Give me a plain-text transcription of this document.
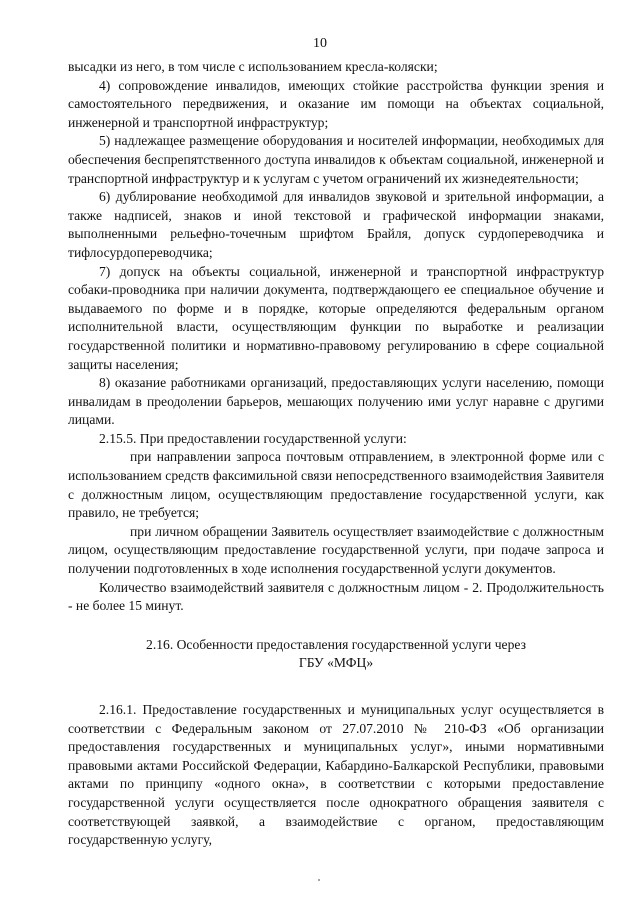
10

высадки из него, в том числе с использованием кресла-коляски;

4) сопровождение инвалидов, имеющих стойкие расстройства функции зрения и самостоятельного передвижения, и оказание им помощи на объектах социальной, инженерной и транспортной инфраструктур;

5) надлежащее размещение оборудования и носителей информации, необходимых для обеспечения беспрепятственного доступа инвалидов к объектам социальной, инженерной и транспортной инфраструктур и к услугам с учетом ограничений их жизнедеятельности;

6) дублирование необходимой для инвалидов звуковой и зрительной информации, а также надписей, знаков и иной текстовой и графической информации знаками, выполненными рельефно-точечным шрифтом Брайля, допуск сурдопереводчика и тифлосурдопереводчика;

7) допуск на объекты социальной, инженерной и транспортной инфраструктур собаки-проводника при наличии документа, подтверждающего ее специальное обучение и выдаваемого по форме и в порядке, которые определяются федеральным органом исполнительной власти, осуществляющим функции по выработке и реализации государственной политики и нормативно-правовому регулированию в сфере социальной защиты населения;

8) оказание работниками организаций, предоставляющих услуги населению, помощи инвалидам в преодолении барьеров, мешающих получению ими услуг наравне с другими лицами.

2.15.5. При предоставлении государственной услуги:

при направлении запроса почтовым отправлением, в электронной форме или с использованием средств факсимильной связи непосредственного взаимодействия Заявителя с должностным лицом, осуществляющим предоставление государственной услуги, как правило, не требуется;

при личном обращении Заявитель осуществляет взаимодействие с должностным лицом, осуществляющим предоставление государственной услуги, при подаче запроса и получении подготовленных в ходе исполнения государственной услуги документов.

Количество взаимодействий заявителя с должностным лицом - 2. Продолжительность - не более 15 минут.

2.16. Особенности предоставления государственной услуги через
ГБУ «МФЦ»

2.16.1. Предоставление государственных и муниципальных услуг осуществляется в соответствии с Федеральным законом от 27.07.2010 № 210-ФЗ «Об организации предоставления государственных и муниципальных услуг», иными нормативными правовыми актами Российской Федерации, Кабардино-Балкарской Республики, правовыми актами по принципу «одного окна», в соответствии с которыми предоставление государственной услуги осуществляется после однократного обращения заявителя с соответствующей заявкой, а взаимодействие с органом, предоставляющим государственную услугу,
